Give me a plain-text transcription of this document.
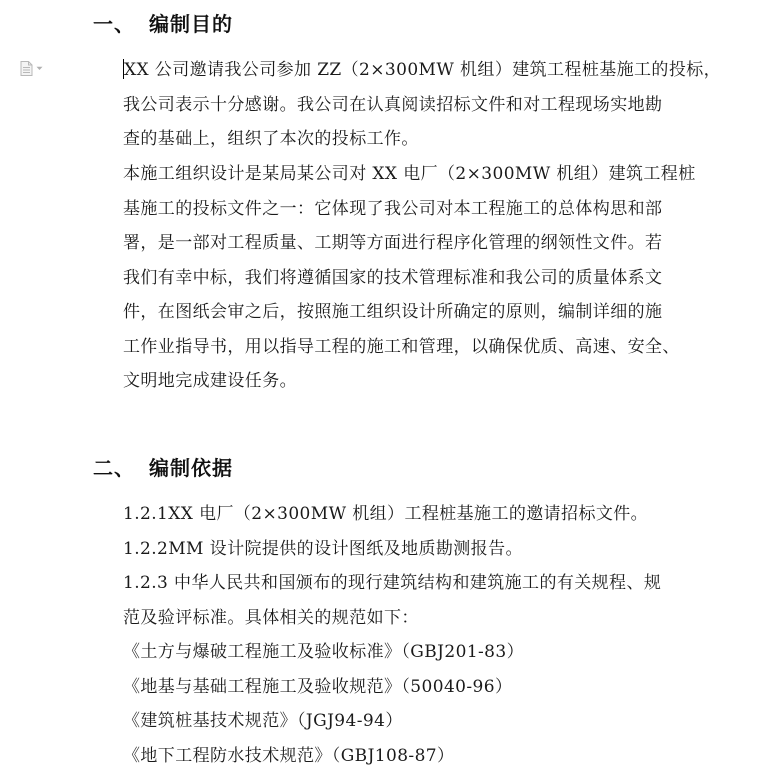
一、 编制目的
XX 公司邀请我公司参加 ZZ（2×300MW 机组）建筑工程桩基施工的投标，
我公司表示十分感谢。我公司在认真阅读招标文件和对工程现场实地勘
查的基础上，组织了本次的投标工作。
本施工组织设计是某局某公司对 XX 电厂（2×300MW 机组）建筑工程桩
基施工的投标文件之一：它体现了我公司对本工程施工的总体构思和部
署，是一部对工程质量、工期等方面进行程序化管理的纲领性文件。若
我们有幸中标，我们将遵循国家的技术管理标准和我公司的质量体系文
件，在图纸会审之后，按照施工组织设计所确定的原则，编制详细的施
工作业指导书，用以指导工程的施工和管理，以确保优质、高速、安全、
文明地完成建设任务。
二、 编制依据
1.2.1XX 电厂（2×300MW 机组）工程桩基施工的邀请招标文件。
1.2.2MM 设计院提供的设计图纸及地质勘测报告。
1.2.3 中华人民共和国颁布的现行建筑结构和建筑施工的有关规程、规
范及验评标准。具体相关的规范如下：
《土方与爆破工程施工及验收标准》（GBJ201-83）
《地基与基础工程施工及验收规范》（50040-96）
《建筑桩基技术规范》（JGJ94-94）
《地下工程防水技术规范》（GBJ108-87）
